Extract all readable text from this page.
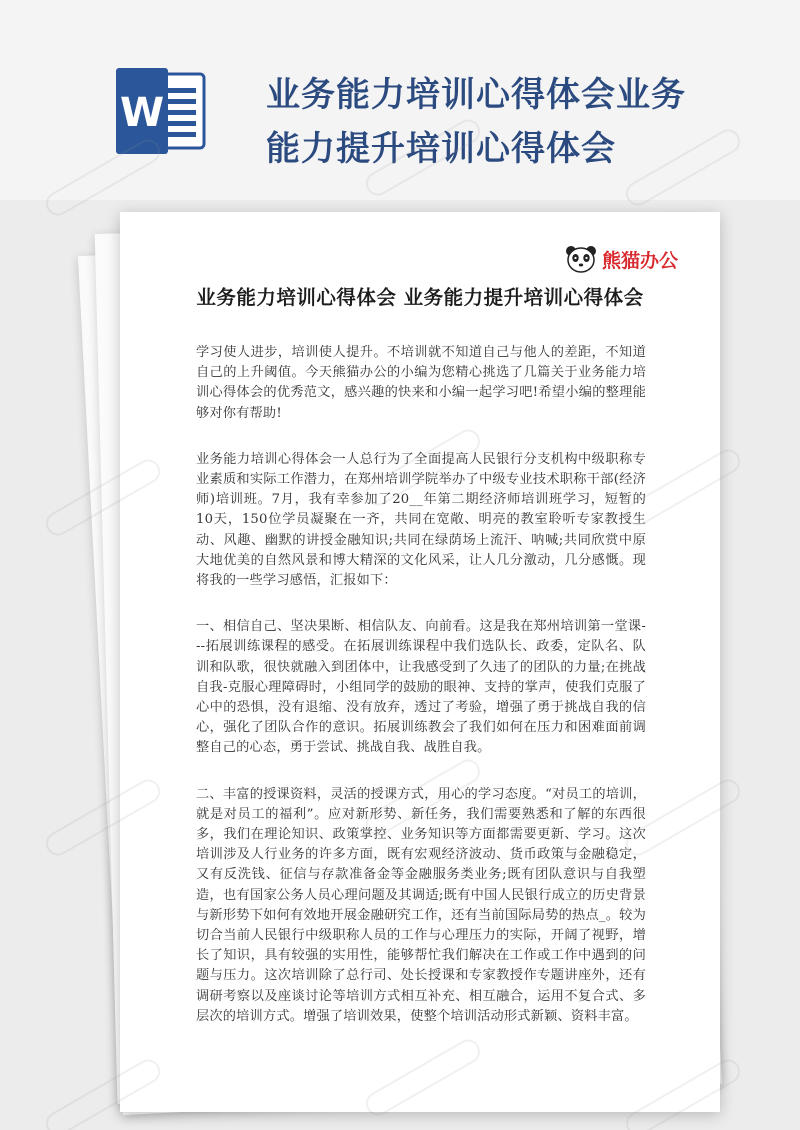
W	业务能力培训心得体会业务能力提升培训心得体会
熊猫办公
业务能力培训心得体会 业务能力提升培训心得体会

学习使人进步，培训使人提升。不培训就不知道自己与他人的差距，不知道自己的上升阈值。今天熊猫办公的小编为您精心挑选了几篇关于业务能力培训心得体会的优秀范文，感兴趣的快来和小编一起学习吧!希望小编的整理能够对你有帮助!

业务能力培训心得体会一人总行为了全面提高人民银行分支机构中级职称专业素质和实际工作潜力，在郑州培训学院举办了中级专业技术职称干部(经济师)培训班。7月，我有幸参加了20__年第二期经济师培训班学习，短暂的10天，150位学员凝聚在一齐，共同在宽敞、明亮的教室聆听专家教授生动、风趣、幽默的讲授金融知识;共同在绿荫场上流汗、呐喊;共同欣赏中原大地优美的自然风景和博大精深的文化风采，让人几分激动，几分感慨。现将我的一些学习感悟，汇报如下：

一、相信自己、坚决果断、相信队友、向前看。这是我在郑州培训第一堂课---拓展训练课程的感受。在拓展训练课程中我们选队长、政委，定队名、队训和队歌，很快就融入到团体中，让我感受到了久违了的团队的力量;在挑战自我-克服心理障碍时，小组同学的鼓励的眼神、支持的掌声，使我们克服了心中的恐惧，没有退缩、没有放弃，透过了考验，增强了勇于挑战自我的信心，强化了团队合作的意识。拓展训练教会了我们如何在压力和困难面前调整自己的心态，勇于尝试、挑战自我、战胜自我。

二、丰富的授课资料，灵活的授课方式，用心的学习态度。“对员工的培训，就是对员工的福利”。应对新形势、新任务，我们需要熟悉和了解的东西很多，我们在理论知识、政策掌控、业务知识等方面都需要更新、学习。这次培训涉及人行业务的许多方面，既有宏观经济波动、货币政策与金融稳定，又有反洗钱、征信与存款准备金等金融服务类业务;既有团队意识与自我塑造，也有国家公务人员心理问题及其调适;既有中国人民银行成立的历史背景与新形势下如何有效地开展金融研究工作，还有当前国际局势的热点_。较为切合当前人民银行中级职称人员的工作与心理压力的实际，开阔了视野，增长了知识，具有较强的实用性，能够帮忙我们解决在工作或工作中遇到的问题与压力。这次培训除了总行司、处长授课和专家教授作专题讲座外，还有调研考察以及座谈讨论等培训方式相互补充、相互融合，运用不复合式、多层次的培训方式。增强了培训效果，使整个培训活动形式新颖、资料丰富。
